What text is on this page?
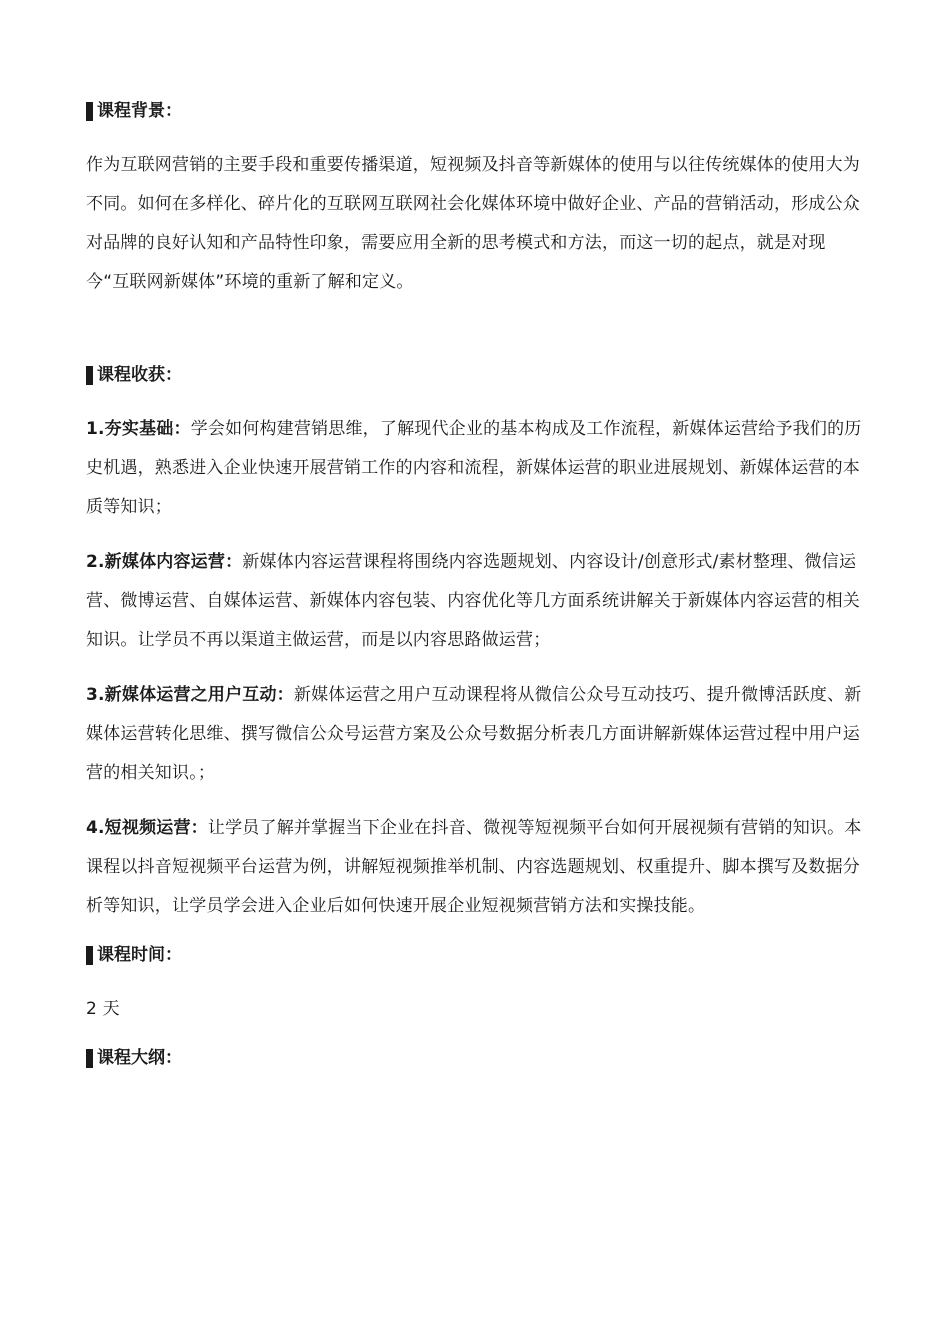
课程背景：

作为互联网营销的主要手段和重要传播渠道，短视频及抖音等新媒体的使用与以往传统媒体的使用大为不同。如何在多样化、碎片化的互联网互联网社会化媒体环境中做好企业、产品的营销活动，形成公众对品牌的良好认知和产品特性印象，需要应用全新的思考模式和方法，而这一切的起点，就是对现今“互联网新媒体”环境的重新了解和定义。

课程收获：

1.夯实基础：学会如何构建营销思维，了解现代企业的基本构成及工作流程，新媒体运营给予我们的历史机遇，熟悉进入企业快速开展营销工作的内容和流程，新媒体运营的职业进展规划、新媒体运营的本质等知识；

2.新媒体内容运营：新媒体内容运营课程将围绕内容选题规划、内容设计/创意形式/素材整理、微信运营、微博运营、自媒体运营、新媒体内容包装、内容优化等几方面系统讲解关于新媒体内容运营的相关知识。让学员不再以渠道主做运营，而是以内容思路做运营；

3.新媒体运营之用户互动：新媒体运营之用户互动课程将从微信公众号互动技巧、提升微博活跃度、新媒体运营转化思维、撰写微信公众号运营方案及公众号数据分析表几方面讲解新媒体运营过程中用户运营的相关知识。；

4.短视频运营：让学员了解并掌握当下企业在抖音、微视等短视频平台如何开展视频有营销的知识。本课程以抖音短视频平台运营为例，讲解短视频推举机制、内容选题规划、权重提升、脚本撰写及数据分析等知识，让学员学会进入企业后如何快速开展企业短视频营销方法和实操技能。

课程时间：

2 天

课程大纲：
